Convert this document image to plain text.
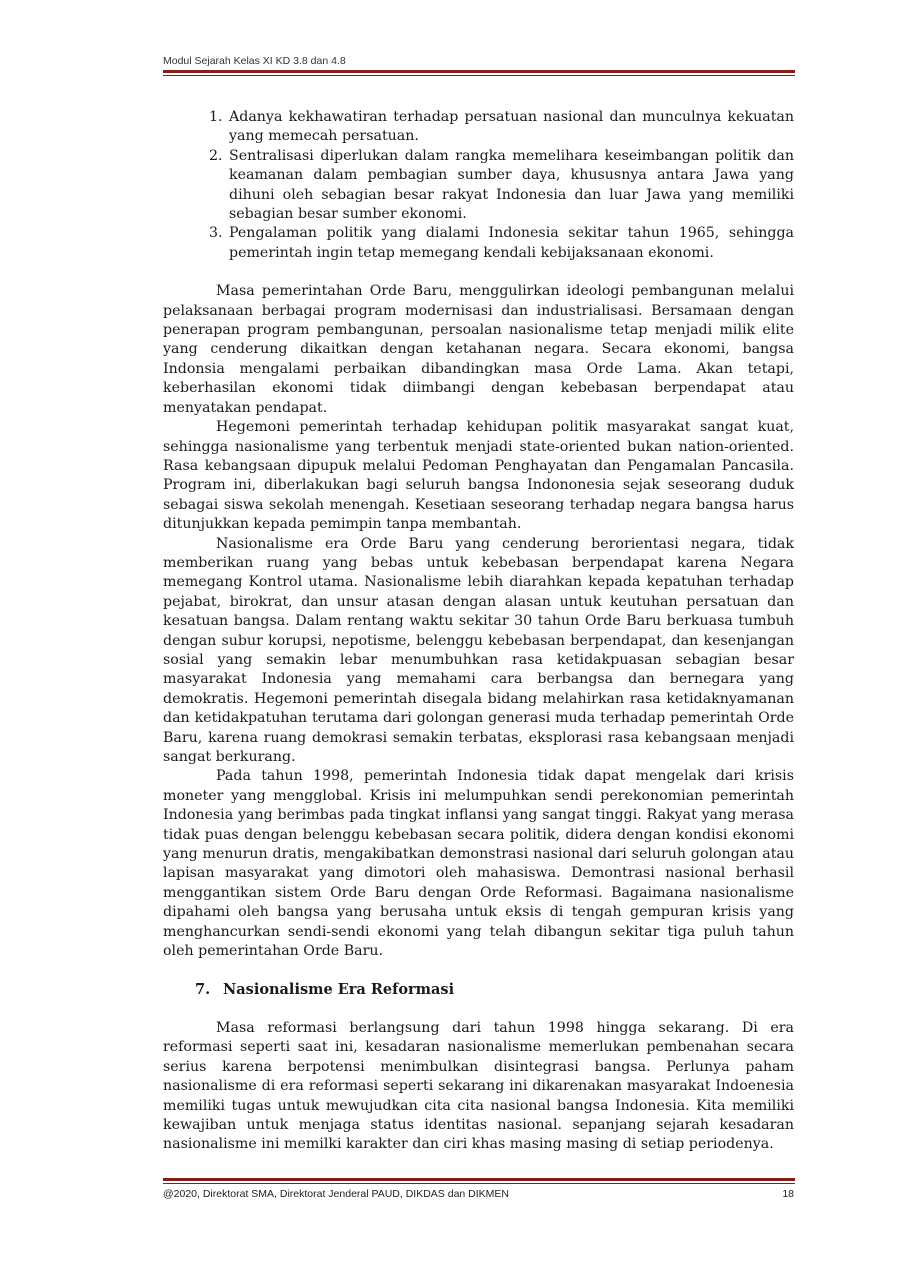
Modul Sejarah Kelas XI KD 3.8 dan 4.8
1. Adanya kekhawatiran terhadap persatuan nasional dan munculnya kekuatan yang memecah persatuan.
2. Sentralisasi diperlukan dalam rangka memelihara keseimbangan politik dan keamanan dalam pembagian sumber daya, khususnya antara Jawa yang dihuni oleh sebagian besar rakyat Indonesia dan luar Jawa yang memiliki sebagian besar sumber ekonomi.
3. Pengalaman politik yang dialami Indonesia sekitar tahun 1965, sehingga pemerintah ingin tetap memegang kendali kebijaksanaan ekonomi.

Masa pemerintahan Orde Baru, menggulirkan ideologi pembangunan melalui pelaksanaan berbagai program modernisasi dan industrialisasi. Bersamaan dengan penerapan program pembangunan, persoalan nasionalisme tetap menjadi milik elite yang cenderung dikaitkan dengan ketahanan negara. Secara ekonomi, bangsa Indonsia mengalami perbaikan dibandingkan masa Orde Lama. Akan tetapi, keberhasilan ekonomi tidak diimbangi dengan kebebasan berpendapat atau menyatakan pendapat.

Hegemoni pemerintah terhadap kehidupan politik masyarakat sangat kuat, sehingga nasionalisme yang terbentuk menjadi state-oriented bukan nation-oriented. Rasa kebangsaan dipupuk melalui Pedoman Penghayatan dan Pengamalan Pancasila. Program ini, diberlakukan bagi seluruh bangsa Indononesia sejak seseorang duduk sebagai siswa sekolah menengah. Kesetiaan seseorang terhadap negara bangsa harus ditunjukkan kepada pemimpin tanpa membantah.

Nasionalisme era Orde Baru yang cenderung berorientasi negara, tidak memberikan ruang yang bebas untuk kebebasan berpendapat karena Negara memegang Kontrol utama. Nasionalisme lebih diarahkan kepada kepatuhan terhadap pejabat, birokrat, dan unsur atasan dengan alasan untuk keutuhan persatuan dan kesatuan bangsa. Dalam rentang waktu sekitar 30 tahun Orde Baru berkuasa tumbuh dengan subur korupsi, nepotisme, belenggu kebebasan berpendapat, dan kesenjangan sosial yang semakin lebar menumbuhkan rasa ketidakpuasan sebagian besar masyarakat Indonesia yang memahami cara berbangsa dan bernegara yang demokratis. Hegemoni pemerintah disegala bidang melahirkan rasa ketidaknyamanan dan ketidakpatuhan terutama dari golongan generasi muda terhadap pemerintah Orde Baru, karena ruang demokrasi semakin terbatas, eksplorasi rasa kebangsaan menjadi sangat berkurang.

Pada tahun 1998, pemerintah Indonesia tidak dapat mengelak dari krisis moneter yang mengglobal. Krisis ini melumpuhkan sendi perekonomian pemerintah Indonesia yang berimbas pada tingkat inflansi yang sangat tinggi. Rakyat yang merasa tidak puas dengan belenggu kebebasan secara politik, didera dengan kondisi ekonomi yang menurun dratis, mengakibatkan demonstrasi nasional dari seluruh golongan atau lapisan masyarakat yang dimotori oleh mahasiswa. Demontrasi nasional berhasil menggantikan sistem Orde Baru dengan Orde Reformasi. Bagaimana nasionalisme dipahami oleh bangsa yang berusaha untuk eksis di tengah gempuran krisis yang menghancurkan sendi-sendi ekonomi yang telah dibangun sekitar tiga puluh tahun oleh pemerintahan Orde Baru.

7. Nasionalisme Era Reformasi

Masa reformasi berlangsung dari tahun 1998 hingga sekarang. Di era reformasi seperti saat ini, kesadaran nasionalisme memerlukan pembenahan secara serius karena berpotensi menimbulkan disintegrasi bangsa. Perlunya paham nasionalisme di era reformasi seperti sekarang ini dikarenakan masyarakat Indoenesia memiliki tugas untuk mewujudkan cita cita nasional bangsa Indonesia. Kita memiliki kewajiban untuk menjaga status identitas nasional. sepanjang sejarah kesadaran nasionalisme ini memilki karakter dan ciri khas masing masing di setiap periodenya.

@2020, Direktorat SMA, Direktorat Jenderal PAUD, DIKDAS dan DIKMEN	18
